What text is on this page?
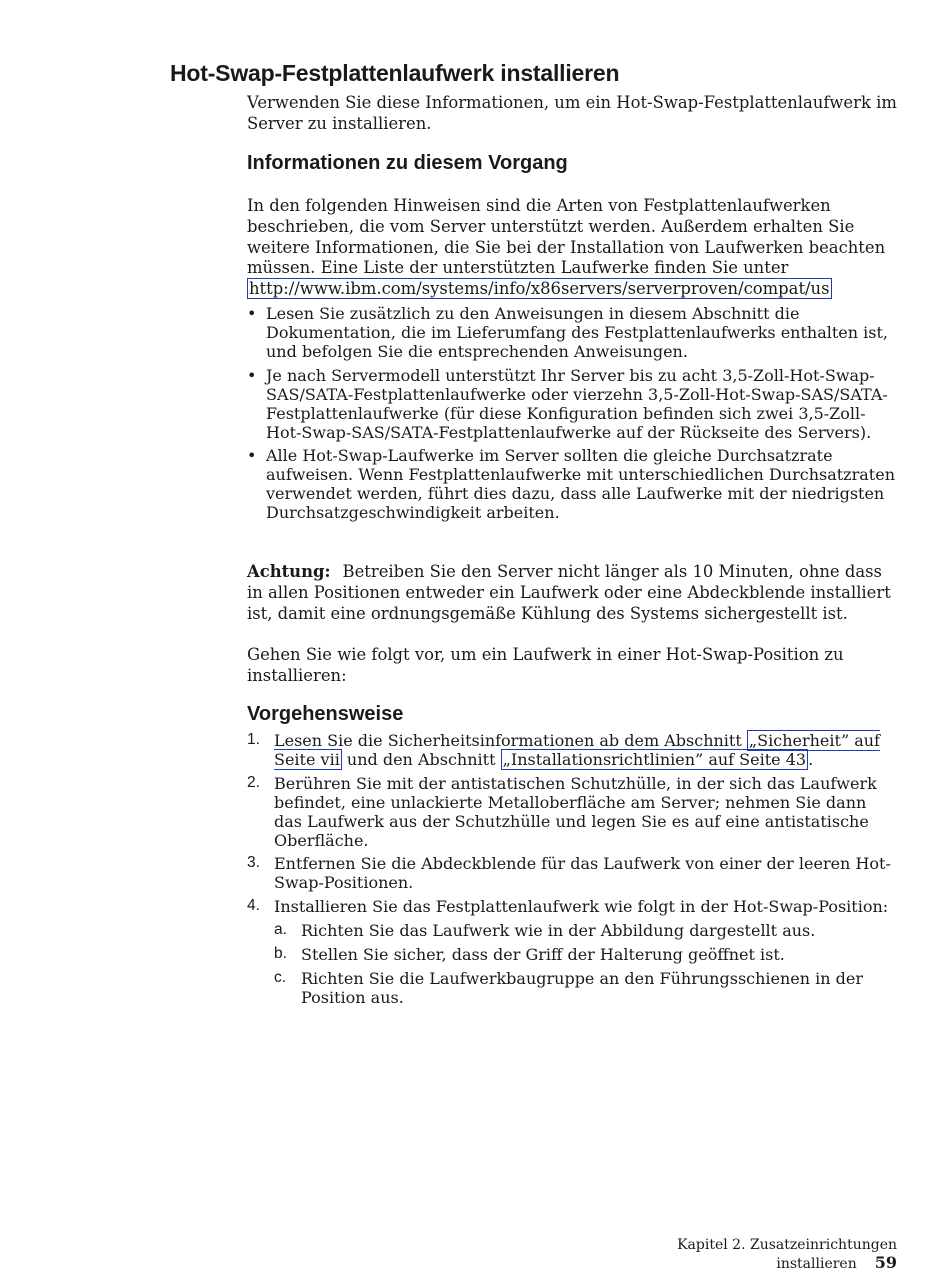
Hot-Swap-Festplattenlaufwerk installieren

Verwenden Sie diese Informationen, um ein Hot-Swap-Festplattenlaufwerk im Server zu installieren.

Informationen zu diesem Vorgang

In den folgenden Hinweisen sind die Arten von Festplattenlaufwerken beschrieben, die vom Server unterstützt werden. Außerdem erhalten Sie weitere Informationen, die Sie bei der Installation von Laufwerken beachten müssen. Eine Liste der unterstützten Laufwerke finden Sie unter http://www.ibm.com/systems/info/x86servers/serverproven/compat/us

• Lesen Sie zusätzlich zu den Anweisungen in diesem Abschnitt die Dokumentation, die im Lieferumfang des Festplattenlaufwerks enthalten ist, und befolgen Sie die entsprechenden Anweisungen.
• Je nach Servermodell unterstützt Ihr Server bis zu acht 3,5-Zoll-Hot-Swap-SAS/SATA-Festplattenlaufwerke oder vierzehn 3,5-Zoll-Hot-Swap-SAS/SATA-Festplattenlaufwerke (für diese Konfiguration befinden sich zwei 3,5-Zoll-Hot-Swap-SAS/SATA-Festplattenlaufwerke auf der Rückseite des Servers).
• Alle Hot-Swap-Laufwerke im Server sollten die gleiche Durchsatzrate aufweisen. Wenn Festplattenlaufwerke mit unterschiedlichen Durchsatzraten verwendet werden, führt dies dazu, dass alle Laufwerke mit der niedrigsten Durchsatzgeschwindigkeit arbeiten.

Achtung: Betreiben Sie den Server nicht länger als 10 Minuten, ohne dass in allen Positionen entweder ein Laufwerk oder eine Abdeckblende installiert ist, damit eine ordnungsgemäße Kühlung des Systems sichergestellt ist.

Gehen Sie wie folgt vor, um ein Laufwerk in einer Hot-Swap-Position zu installieren:

Vorgehensweise
1. Lesen Sie die Sicherheitsinformationen ab dem Abschnitt „Sicherheit” auf Seite vii und den Abschnitt „Installationsrichtlinien” auf Seite 43 .
2. Berühren Sie mit der antistatischen Schutzhülle, in der sich das Laufwerk befindet, eine unlackierte Metalloberfläche am Server; nehmen Sie dann das Laufwerk aus der Schutzhülle und legen Sie es auf eine antistatische Oberfläche.
3. Entfernen Sie die Abdeckblende für das Laufwerk von einer der leeren Hot-Swap-Positionen.
4. Installieren Sie das Festplattenlaufwerk wie folgt in der Hot-Swap-Position:
a. Richten Sie das Laufwerk wie in der Abbildung dargestellt aus.
b. Stellen Sie sicher, dass der Griff der Halterung geöffnet ist.
c. Richten Sie die Laufwerkbaugruppe an den Führungsschienen in der Position aus.
Kapitel 2. Zusatzeinrichtungen installieren 59
